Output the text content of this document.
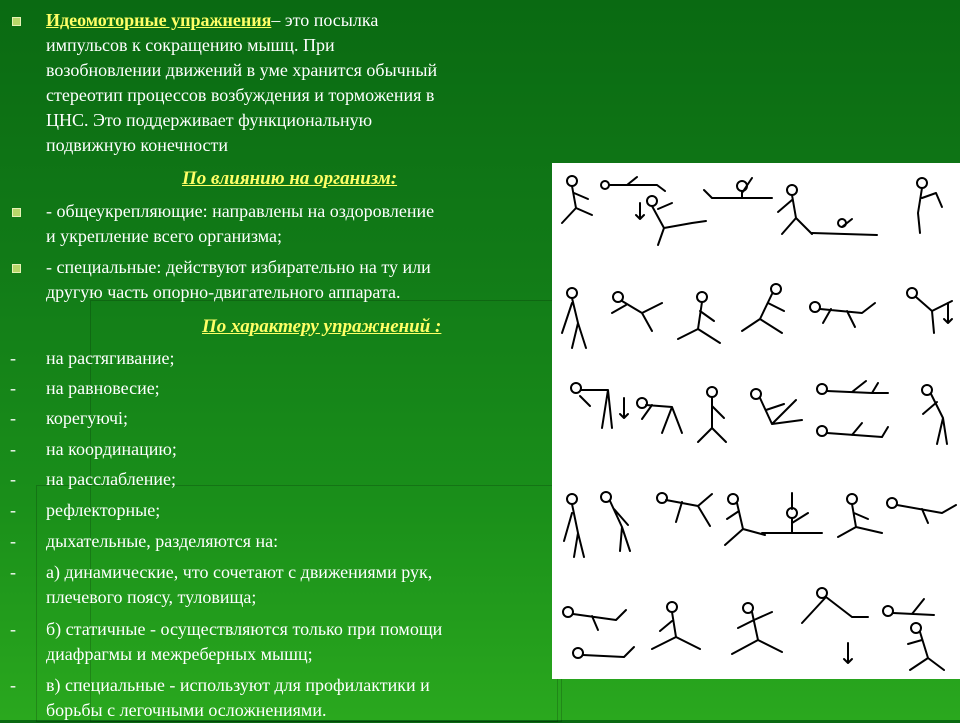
Идеомоторные упражнения– это посылка
импульсов к сокращению мышц. При
возобновлении движений в уме хранится обычный
стереотип процессов возбуждения и торможения в
ЦНС. Это поддерживает функциональную
подвижную конечности
По влиянию на организм:
- общеукрепляющие: направлены на оздоровление
и укрепление всего организма;
- специальные: действуют избирательно на ту или
другую часть опорно-двигательного аппарата.
По характеру упражнений :
- на растягивание;
- на равновесие;
- корегуючі;
- на координацию;
- на расслабление;
- рефлекторные;
- дыхательные, разделяются на:
- а) динамические, что сочетают с движениями рук,
плечевого поясу, туловища;
- б) статичные - осуществляются только при помощи
диафрагмы и межреберных мышц;
- в) специальные - используют для профилактики и
борьбы с легочными осложнениями.
